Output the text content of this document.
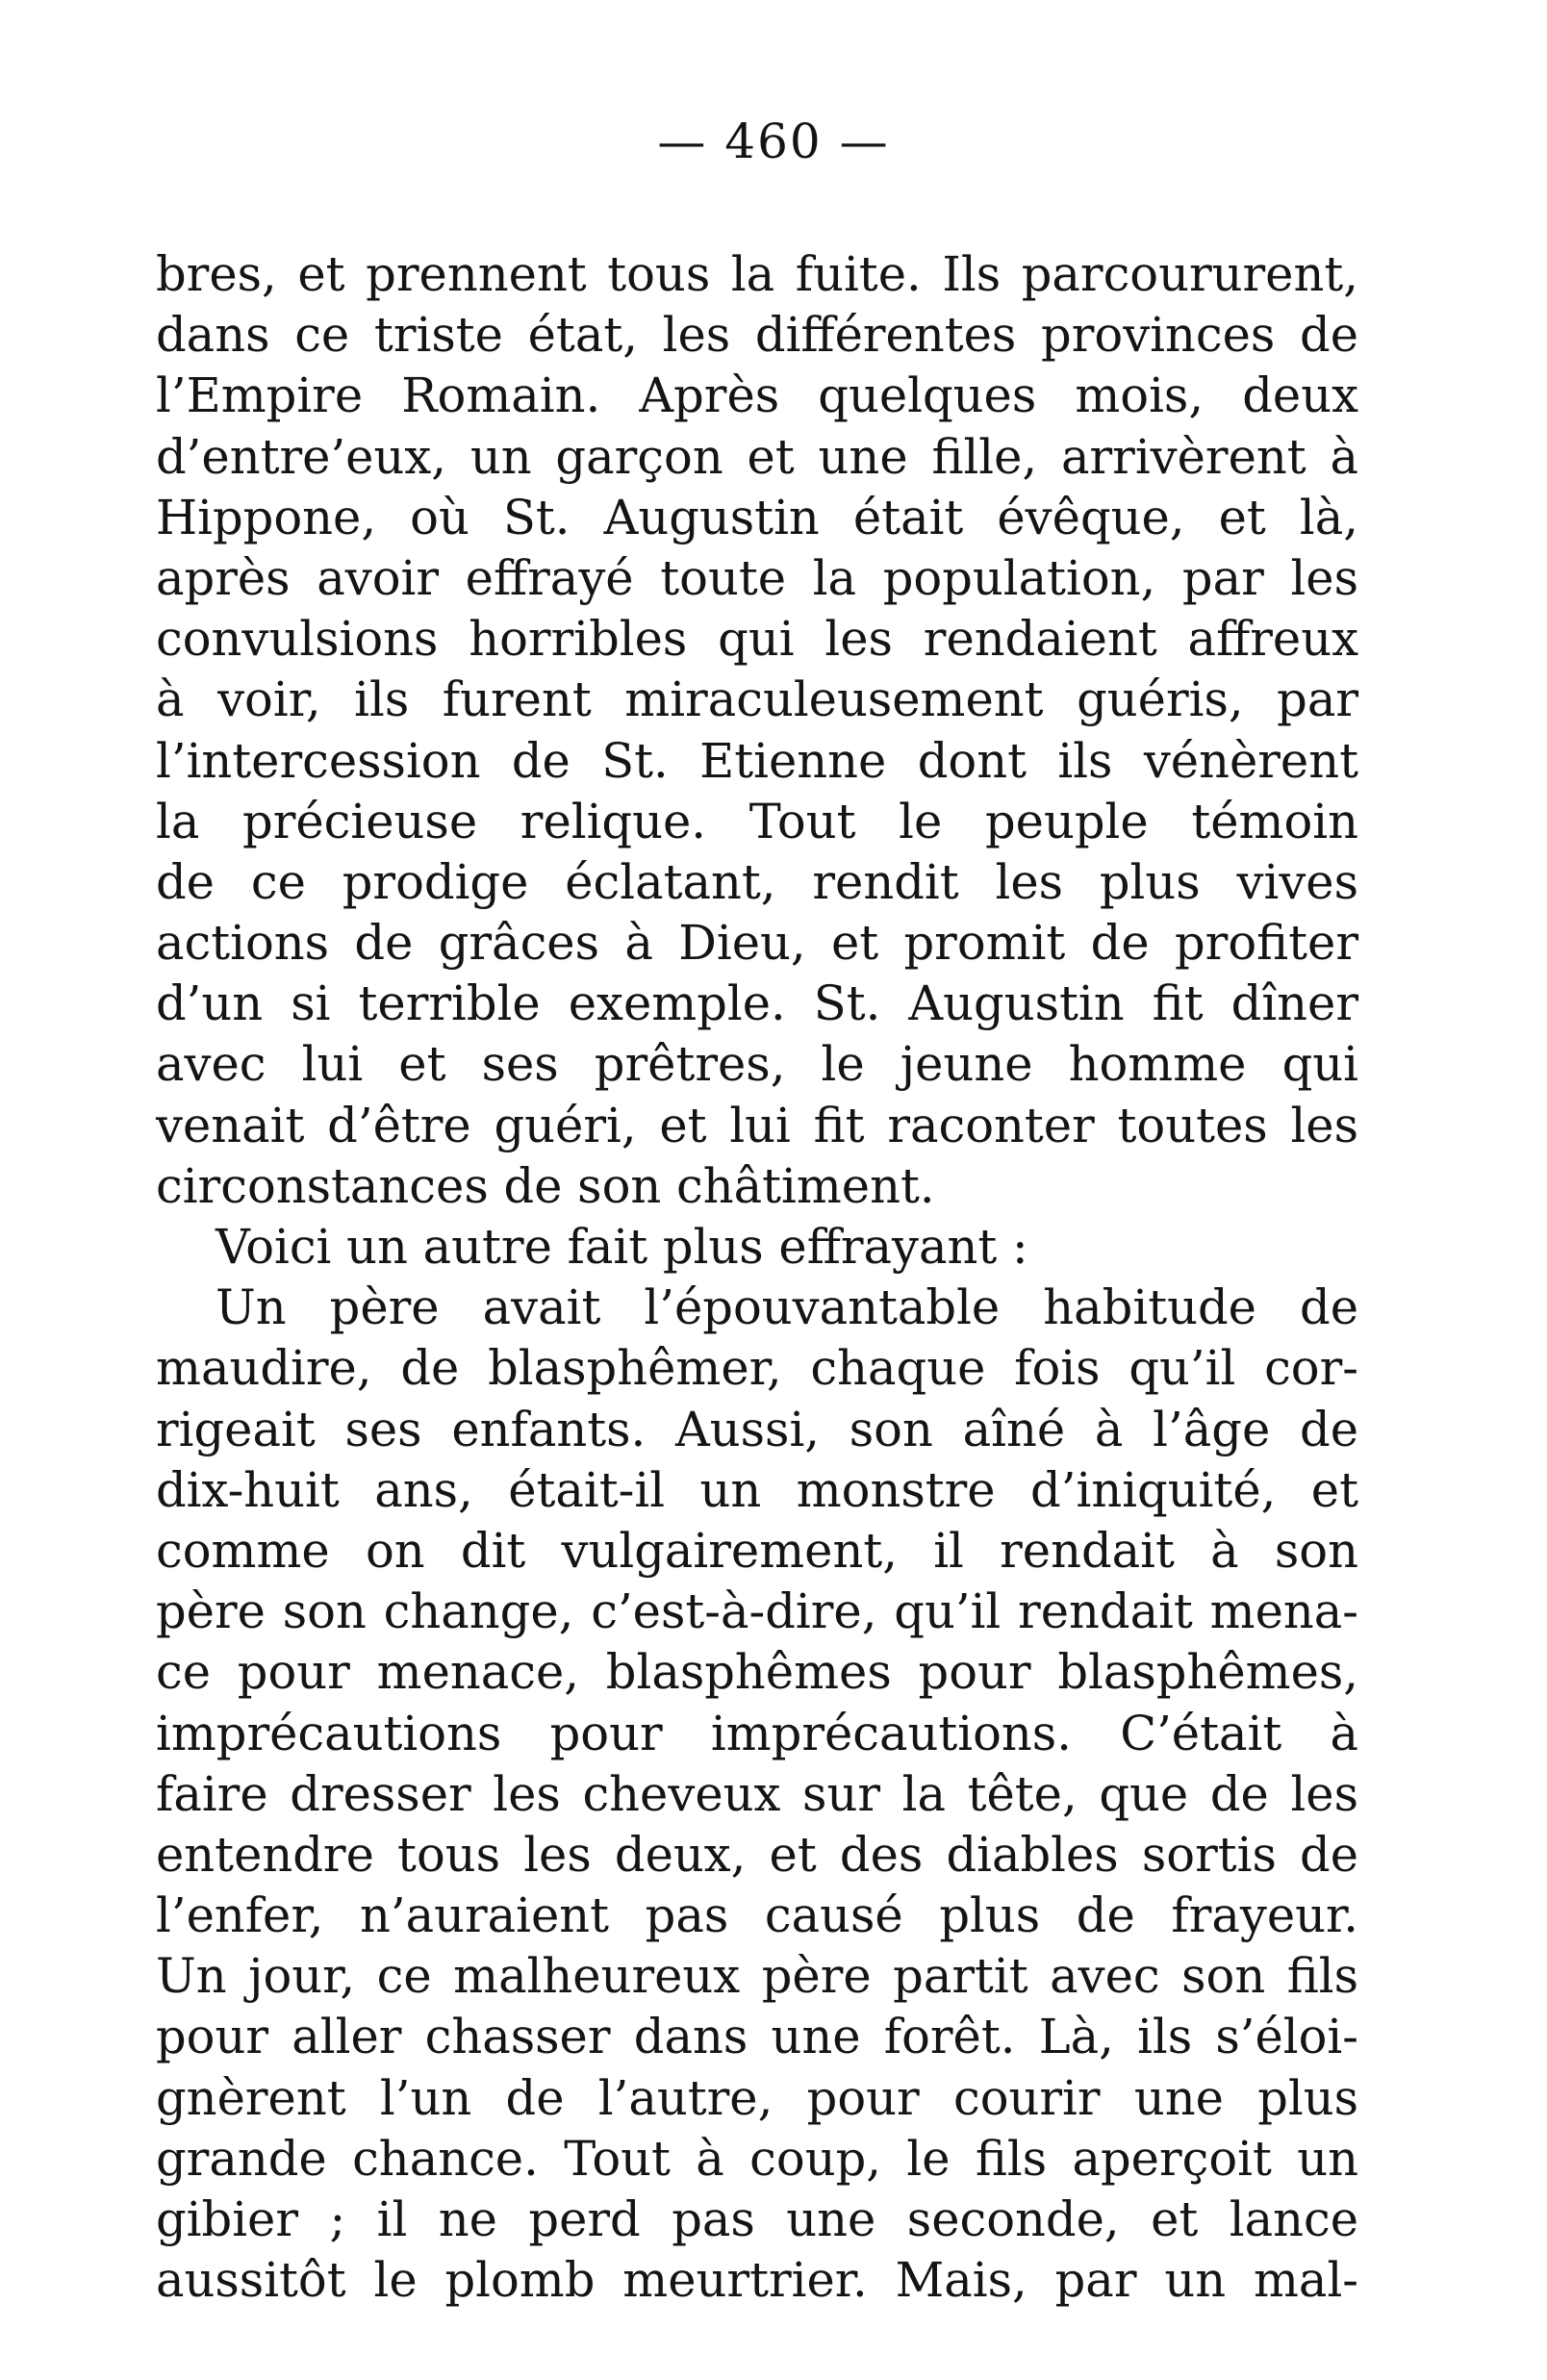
— 460 —
bres, et prennent tous la fuite. Ils parcoururent,
dans ce triste état, les différentes provinces de
l’Empire Romain. Après quelques mois, deux
d’entre’eux, un garçon et une fille, arrivèrent à
Hippone, où St. Augustin était évêque, et là,
après avoir effrayé toute la population, par les
convulsions horribles qui les rendaient affreux
à voir, ils furent miraculeusement guéris, par
l’intercession de St. Etienne dont ils vénèrent
la précieuse relique. Tout le peuple témoin
de ce prodige éclatant, rendit les plus vives
actions de grâces à Dieu, et promit de profiter
d’un si terrible exemple. St. Augustin fit dîner
avec lui et ses prêtres, le jeune homme qui
venait d’être guéri, et lui fit raconter toutes les
circonstances de son châtiment.
Voici un autre fait plus effrayant :
Un père avait l’épouvantable habitude de
maudire, de blasphêmer, chaque fois qu’il cor-
rigeait ses enfants. Aussi, son aîné à l’âge de
dix-huit ans, était-il un monstre d’iniquité, et
comme on dit vulgairement, il rendait à son
père son change, c’est-à-dire, qu’il rendait mena-
ce pour menace, blasphêmes pour blasphêmes,
imprécautions pour imprécautions. C’était à
faire dresser les cheveux sur la tête, que de les
entendre tous les deux, et des diables sortis de
l’enfer, n’auraient pas causé plus de frayeur.
Un jour, ce malheureux père partit avec son fils
pour aller chasser dans une forêt. Là, ils s’éloi-
gnèrent l’un de l’autre, pour courir une plus
grande chance. Tout à coup, le fils aperçoit un
gibier ; il ne perd pas une seconde, et lance
aussitôt le plomb meurtrier. Mais, par un mal-
